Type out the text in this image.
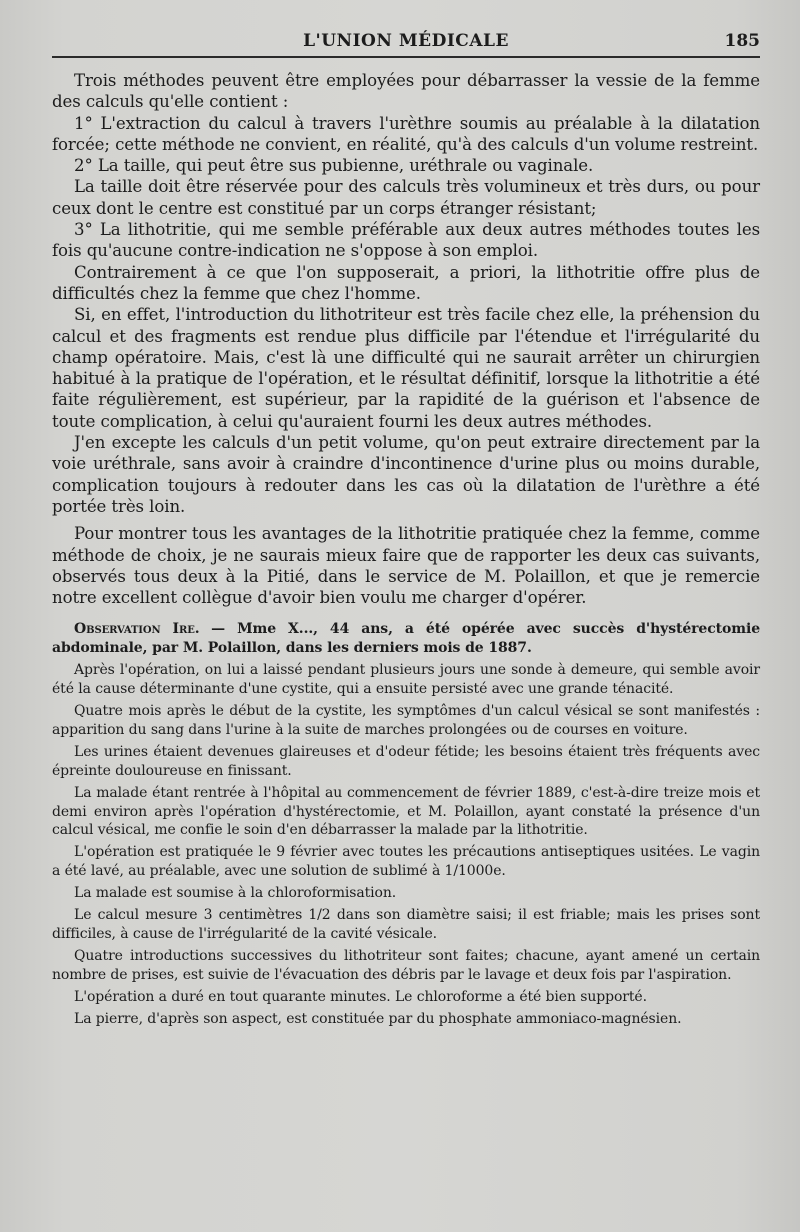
L'UNION MÉDICALE	185

Trois méthodes peuvent être employées pour débarrasser la vessie de la femme des calculs qu'elle contient :

1° L'extraction du calcul à travers l'urèthre soumis au préalable à la dilatation forcée; cette méthode ne convient, en réalité, qu'à des calculs d'un volume restreint.

2° La taille, qui peut être sus pubienne, uréthrale ou vaginale.

La taille doit être réservée pour des calculs très volumineux et très durs, ou pour ceux dont le centre est constitué par un corps étranger résistant;

3° La lithotritie, qui me semble préférable aux deux autres méthodes toutes les fois qu'aucune contre-indication ne s'oppose à son emploi.

Contrairement à ce que l'on supposerait, a priori, la lithotritie offre plus de difficultés chez la femme que chez l'homme.

Si, en effet, l'introduction du lithotriteur est très facile chez elle, la préhension du calcul et des fragments est rendue plus difficile par l'étendue et l'irrégularité du champ opératoire. Mais, c'est là une difficulté qui ne saurait arrêter un chirurgien habitué à la pratique de l'opération, et le résultat définitif, lorsque la lithotritie a été faite régulièrement, est supérieur, par la rapidité de la guérison et l'absence de toute complication, à celui qu'auraient fourni les deux autres méthodes.

J'en excepte les calculs d'un petit volume, qu'on peut extraire directement par la voie uréthrale, sans avoir à craindre d'incontinence d'urine plus ou moins durable, complication toujours à redouter dans les cas où la dilatation de l'urèthre a été portée très loin.

Pour montrer tous les avantages de la lithotritie pratiquée chez la femme, comme méthode de choix, je ne saurais mieux faire que de rapporter les deux cas suivants, observés tous deux à la Pitié, dans le service de M. Polaillon, et que je remercie notre excellent collègue d'avoir bien voulu me charger d'opérer.

Observation Ire. — Mme X..., 44 ans, a été opérée avec succès d'hystérectomie abdominale, par M. Polaillon, dans les derniers mois de 1887.

Après l'opération, on lui a laissé pendant plusieurs jours une sonde à demeure, qui semble avoir été la cause déterminante d'une cystite, qui a ensuite persisté avec une grande ténacité.

Quatre mois après le début de la cystite, les symptômes d'un calcul vésical se sont manifestés : apparition du sang dans l'urine à la suite de marches prolongées ou de courses en voiture.

Les urines étaient devenues glaireuses et d'odeur fétide; les besoins étaient très fréquents avec épreinte douloureuse en finissant.

La malade étant rentrée à l'hôpital au commencement de février 1889, c'est-à-dire treize mois et demi environ après l'opération d'hystérectomie, et M. Polaillon, ayant constaté la présence d'un calcul vésical, me confie le soin d'en débarrasser la malade par la lithotritie.

L'opération est pratiquée le 9 février avec toutes les précautions antiseptiques usitées. Le vagin a été lavé, au préalable, avec une solution de sublimé à 1/1000e.

La malade est soumise à la chloroformisation.

Le calcul mesure 3 centimètres 1/2 dans son diamètre saisi; il est friable; mais les prises sont difficiles, à cause de l'irrégularité de la cavité vésicale.

Quatre introductions successives du lithotriteur sont faites; chacune, ayant amené un certain nombre de prises, est suivie de l'évacuation des débris par le lavage et deux fois par l'aspiration.

L'opération a duré en tout quarante minutes. Le chloroforme a été bien supporté.

La pierre, d'après son aspect, est constituée par du phosphate ammoniaco-magnésien.
